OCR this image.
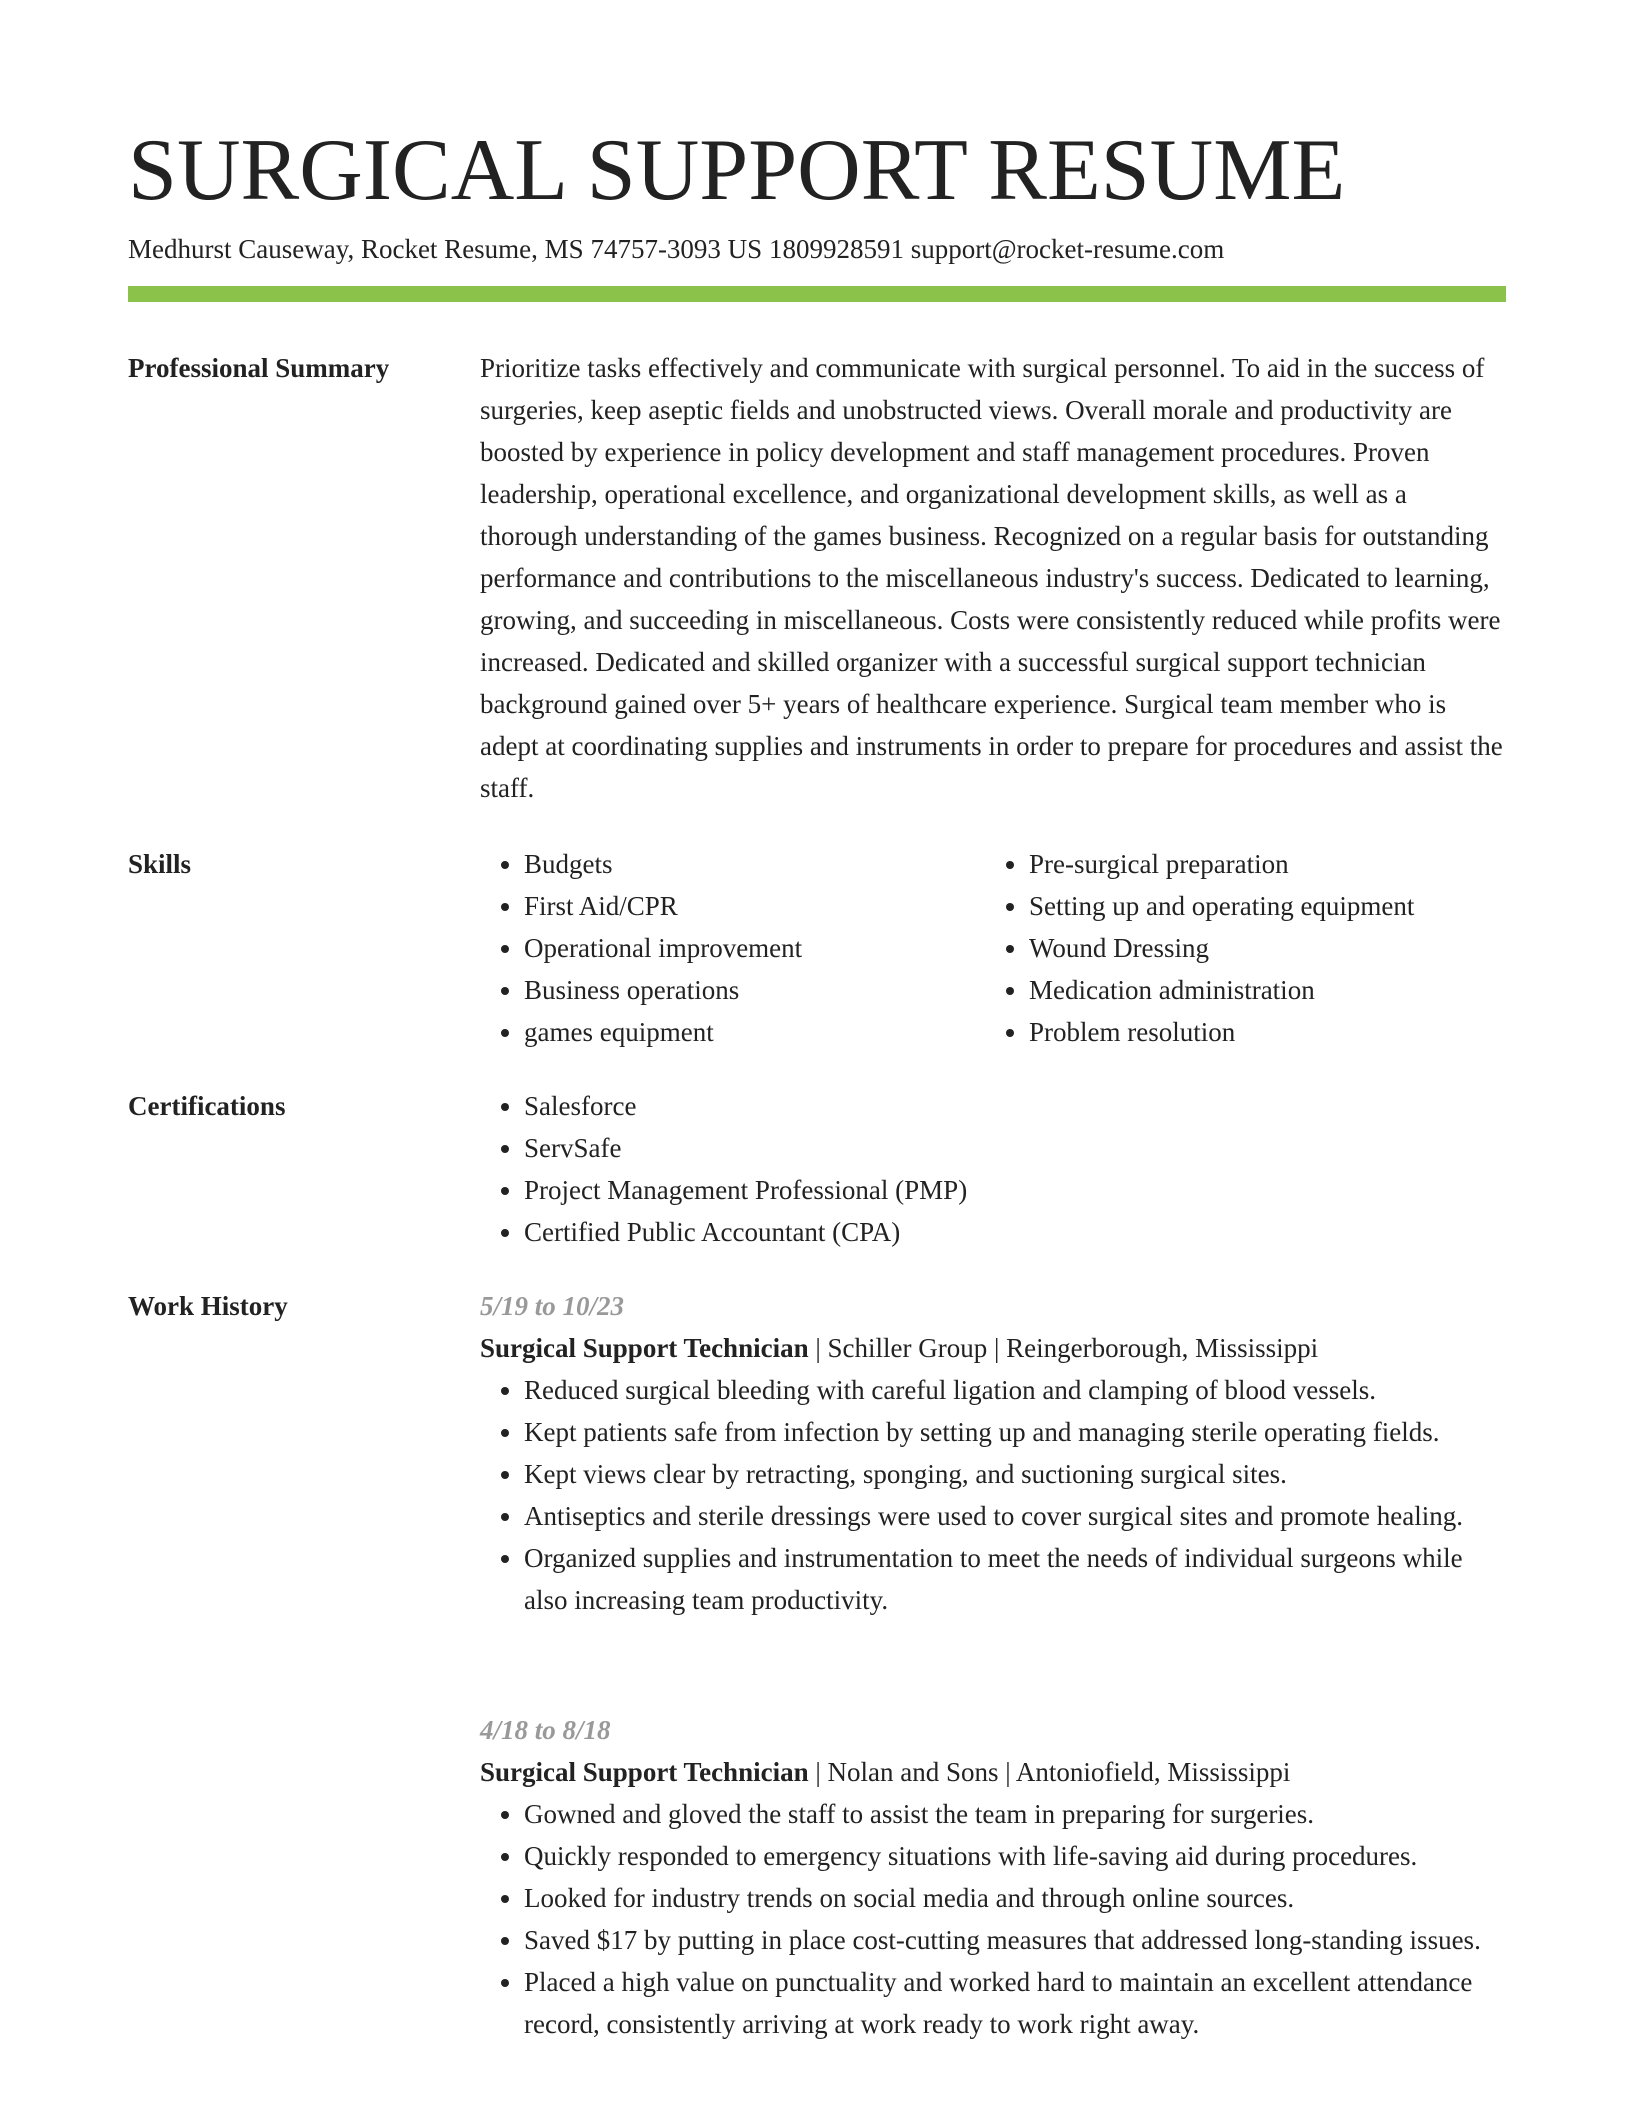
SURGICAL SUPPORT RESUME
Medhurst Causeway, Rocket Resume, MS 74757-3093 US 1809928591 support@rocket-resume.com
Professional Summary	Prioritize tasks effectively and communicate with surgical personnel. To aid in the success of surgeries, keep aseptic fields and unobstructed views. Overall morale and productivity are boosted by experience in policy development and staff management procedures. Proven leadership, operational excellence, and organizational development skills, as well as a thorough understanding of the games business. Recognized on a regular basis for outstanding performance and contributions to the miscellaneous industry's success. Dedicated to learning, growing, and succeeding in miscellaneous. Costs were consistently reduced while profits were increased. Dedicated and skilled organizer with a successful surgical support technician background gained over 5+ years of healthcare experience. Surgical team member who is adept at coordinating supplies and instruments in order to prepare for procedures and assist the staff.

Skills	• Budgets
• First Aid/CPR
• Operational improvement
• Business operations
• games equipment
• Pre-surgical preparation
• Setting up and operating equipment
• Wound Dressing
• Medication administration
• Problem resolution
Certifications	• Salesforce
• ServSafe
• Project Management Professional (PMP)
• Certified Public Accountant (CPA)
Work History	5/19 to 10/23
Surgical Support Technician | Schiller Group | Reingerborough, Mississippi
• Reduced surgical bleeding with careful ligation and clamping of blood vessels.
• Kept patients safe from infection by setting up and managing sterile operating fields.
• Kept views clear by retracting, sponging, and suctioning surgical sites.
• Antiseptics and sterile dressings were used to cover surgical sites and promote healing.
• Organized supplies and instrumentation to meet the needs of individual surgeons while also increasing team productivity.
4/18 to 8/18
Surgical Support Technician | Nolan and Sons | Antoniofield, Mississippi
• Gowned and gloved the staff to assist the team in preparing for surgeries.
• Quickly responded to emergency situations with life-saving aid during procedures.
• Looked for industry trends on social media and through online sources.
• Saved $17 by putting in place cost-cutting measures that addressed long-standing issues.
• Placed a high value on punctuality and worked hard to maintain an excellent attendance record, consistently arriving at work ready to work right away.
